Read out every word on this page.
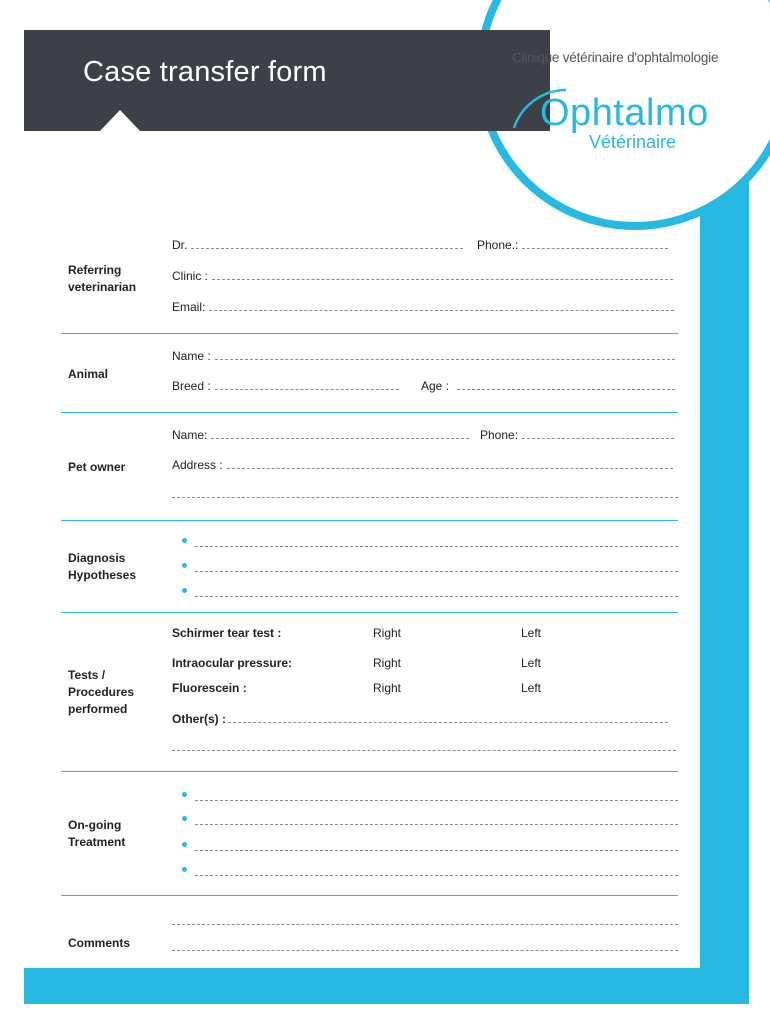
Case transfer form	Clinique vétérinaire d'ophtalmologie
Ophtalmo
Vétérinaire
Referring veterinarian
Dr.	Phone.:
Clinic :
Email:
Animal
Name :
Breed :	Age :
Pet owner
Name:	Phone:
Address :
Diagnosis Hypotheses
Tests / Procedures performed
Schirmer tear test :	Right	Left
Intraocular pressure:	Right	Left
Fluorescein :	Right	Left
Other(s) :
On-going Treatment
Comments
